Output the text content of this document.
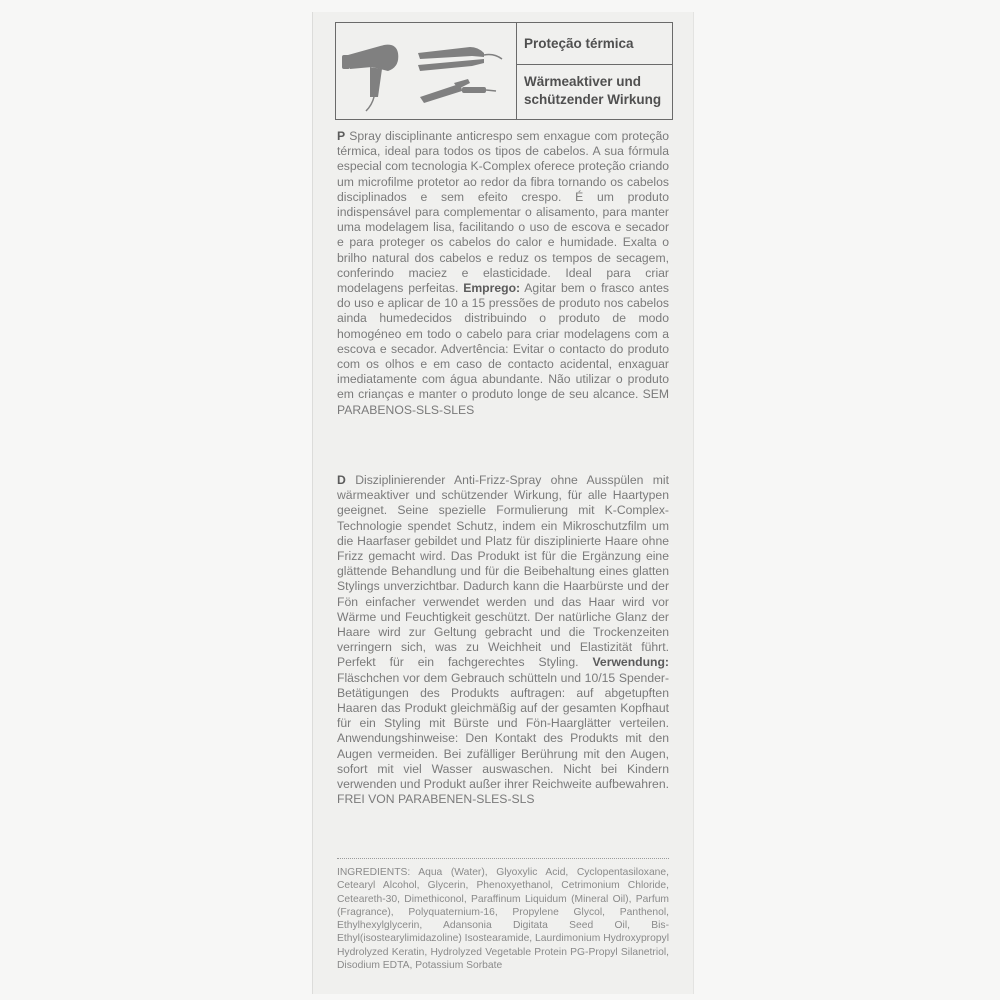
Proteção térmica
Wärmeaktiver und
schützender Wirkung

P Spray disciplinante anticrespo sem enxague com proteção térmica, ideal para todos os tipos de cabelos. A sua fórmula especial com tecnologia K-Complex oferece proteção criando um microfilme protetor ao redor da fibra tornando os cabelos disciplinados e sem efeito crespo. É um produto indispensável para complementar o alisamento, para manter uma modelagem lisa, facilitando o uso de escova e secador e para proteger os cabelos do calor e humidade. Exalta o brilho natural dos cabelos e reduz os tempos de secagem, conferindo maciez e elasticidade. Ideal para criar modelagens perfeitas. Emprego: Agitar bem o frasco antes do uso e aplicar de 10 a 15 pressões de produto nos cabelos ainda humedecidos distribuindo o produto de modo homogéneo em todo o cabelo para criar modelagens com a escova e secador. Advertência: Evitar o contacto do produto com os olhos e em caso de contacto acidental, enxaguar imediatamente com água abundante. Não utilizar o produto em crianças e manter o produto longe de seu alcance. SEM PARABENOS-SLS-SLES

D Disziplinierender Anti-Frizz-Spray ohne Ausspülen mit wärmeaktiver und schützender Wirkung, für alle Haartypen geeignet. Seine spezielle Formulierung mit K-Complex-Technologie spendet Schutz, indem ein Mikroschutzfilm um die Haarfaser gebildet und Platz für disziplinierte Haare ohne Frizz gemacht wird. Das Produkt ist für die Ergänzung eine glättende Behandlung und für die Beibehaltung eines glatten Stylings unverzichtbar. Dadurch kann die Haarbürste und der Fön einfacher verwendet werden und das Haar wird vor Wärme und Feuchtigkeit geschützt. Der natürliche Glanz der Haare wird zur Geltung gebracht und die Trockenzeiten verringern sich, was zu Weichheit und Elastizität führt. Perfekt für ein fachgerechtes Styling. Verwendung: Fläschchen vor dem Gebrauch schütteln und 10/15 Spender-Betätigungen des Produkts auftragen: auf abgetupften Haaren das Produkt gleichmäßig auf der gesamten Kopfhaut für ein Styling mit Bürste und Fön-Haarglätter verteilen. Anwendungshinweise: Den Kontakt des Produkts mit den Augen vermeiden. Bei zufälliger Berührung mit den Augen, sofort mit viel Wasser auswaschen. Nicht bei Kindern verwenden und Produkt außer ihrer Reichweite aufbewahren. FREI VON PARABENEN-SLES-SLS

INGREDIENTS: Aqua (Water), Glyoxylic Acid, Cyclopentasiloxane, Cetearyl Alcohol, Glycerin, Phenoxyethanol, Cetrimonium Chloride, Ceteareth-30, Dimethiconol, Paraffinum Liquidum (Mineral Oil), Parfum (Fragrance), Polyquaternium-16, Propylene Glycol, Panthenol, Ethylhexylglycerin, Adansonia Digitata Seed Oil, Bis-Ethyl(isostearylimidazoline) Isostearamide, Laurdimonium Hydroxypropyl Hydrolyzed Keratin, Hydrolyzed Vegetable Protein PG-Propyl Silanetriol, Disodium EDTA, Potassium Sorbate
